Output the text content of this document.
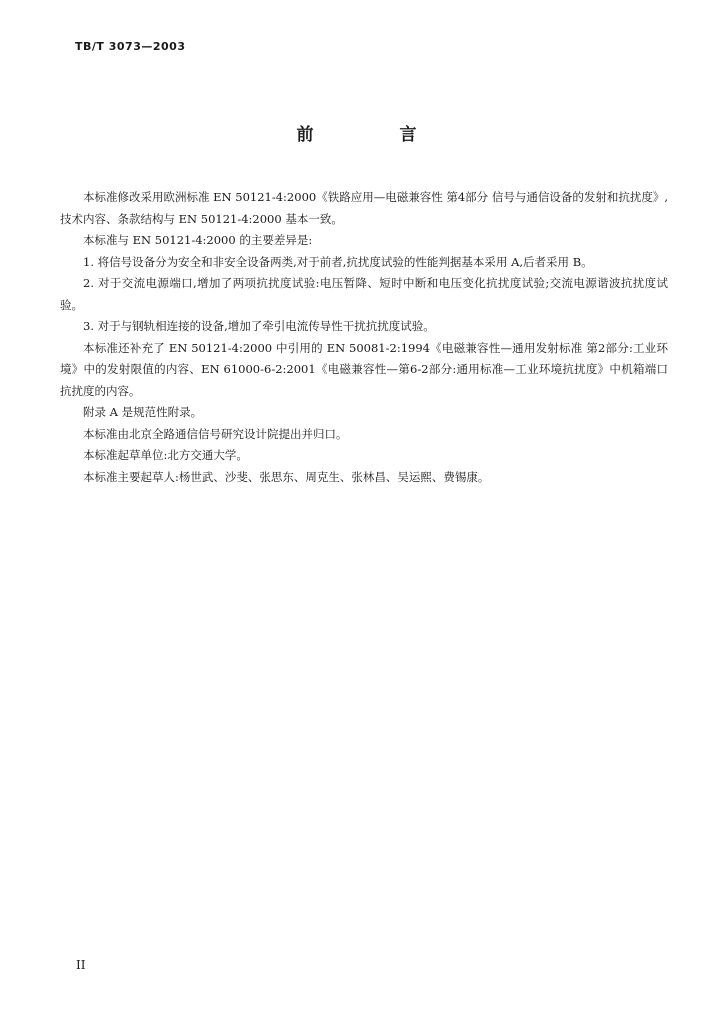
TB/T 3073—2003
前 言

本标准修改采用欧洲标准 EN 50121-4:2000《铁路应用—电磁兼容性 第4部分 信号与通信设备的发射和抗扰度》,技术内容、条款结构与 EN 50121-4:2000 基本一致。

本标准与 EN 50121-4:2000 的主要差异是:

1. 将信号设备分为安全和非安全设备两类,对于前者,抗扰度试验的性能判据基本采用 A,后者采用 B。

2. 对于交流电源端口,增加了两项抗扰度试验:电压暂降、短时中断和电压变化抗扰度试验;交流电源谐波抗扰度试验。

3. 对于与钢轨相连接的设备,增加了牵引电流传导性干扰抗扰度试验。

本标准还补充了 EN 50121-4:2000 中引用的 EN 50081-2:1994《电磁兼容性—通用发射标准 第2部分:工业环境》中的发射限值的内容、EN 61000-6-2:2001《电磁兼容性—第6-2部分:通用标准—工业环境抗扰度》中机箱端口抗扰度的内容。

附录 A 是规范性附录。

本标准由北京全路通信信号研究设计院提出并归口。

本标准起草单位:北方交通大学。

本标准主要起草人:杨世武、沙斐、张思东、周克生、张林昌、吴运熙、费锡康。

II
